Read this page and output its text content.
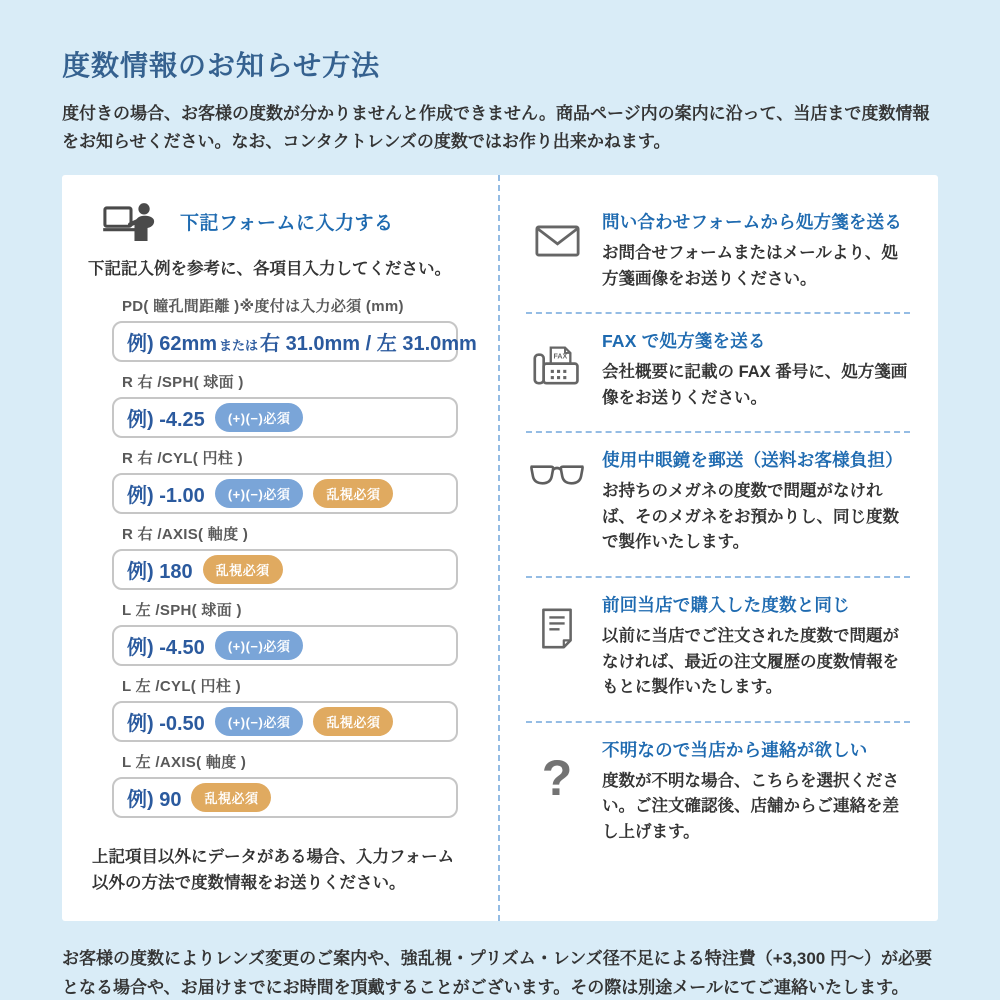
度数情報のお知らせ方法

度付きの場合、お客様の度数が分かりませんと作成できません。商品ページ内の案内に沿って、当店まで度数情報をお知らせください。なお、コンタクトレンズの度数ではお作り出来かねます。

下記フォームに入力する

下記記入例を参考に、各項目入力してください。

PD( 瞳孔間距離 )※度付は入力必須 (mm)
例) 62mm または 右 31.0mm / 左 31.0mm
R 右 /SPH( 球面 )
例) -4.25	(+)(−)必須
R 右 /CYL( 円柱 )
例) -1.00	(+)(−)必須	乱視必須
R 右 /AXIS( 軸度 )
例) 180	乱視必須
L 左 /SPH( 球面 )
例) -4.50	(+)(−)必須
L 左 /CYL( 円柱 )
例) -0.50	(+)(−)必須	乱視必須
L 左 /AXIS( 軸度 )
例) 90	乱視必須

上記項目以外にデータがある場合、入力フォーム以外の方法で度数情報をお送りください。

問い合わせフォームから処方箋を送る
お問合せフォームまたはメールより、処方箋画像をお送りください。
FAX
FAX で処方箋を送る
会社概要に記載の FAX 番号に、処方箋画像をお送りください。
使用中眼鏡を郵送（送料お客様負担）
お持ちのメガネの度数で問題がなければ、そのメガネをお預かりし、同じ度数で製作いたします。
前回当店で購入した度数と同じ
以前に当店でご注文された度数で問題がなければ、最近の注文履歴の度数情報をもとに製作いたします。
? 不明なので当店から連絡が欲しい
度数が不明な場合、こちらを選択ください。ご注文確認後、店舗からご連絡を差し上げます。

お客様の度数によりレンズ変更のご案内や、強乱視・プリズム・レンズ径不足による特注費（+3,300 円〜）が必要となる場合や、お届けまでにお時間を頂戴することがございます。その際は別途メールにてご連絡いたします。
